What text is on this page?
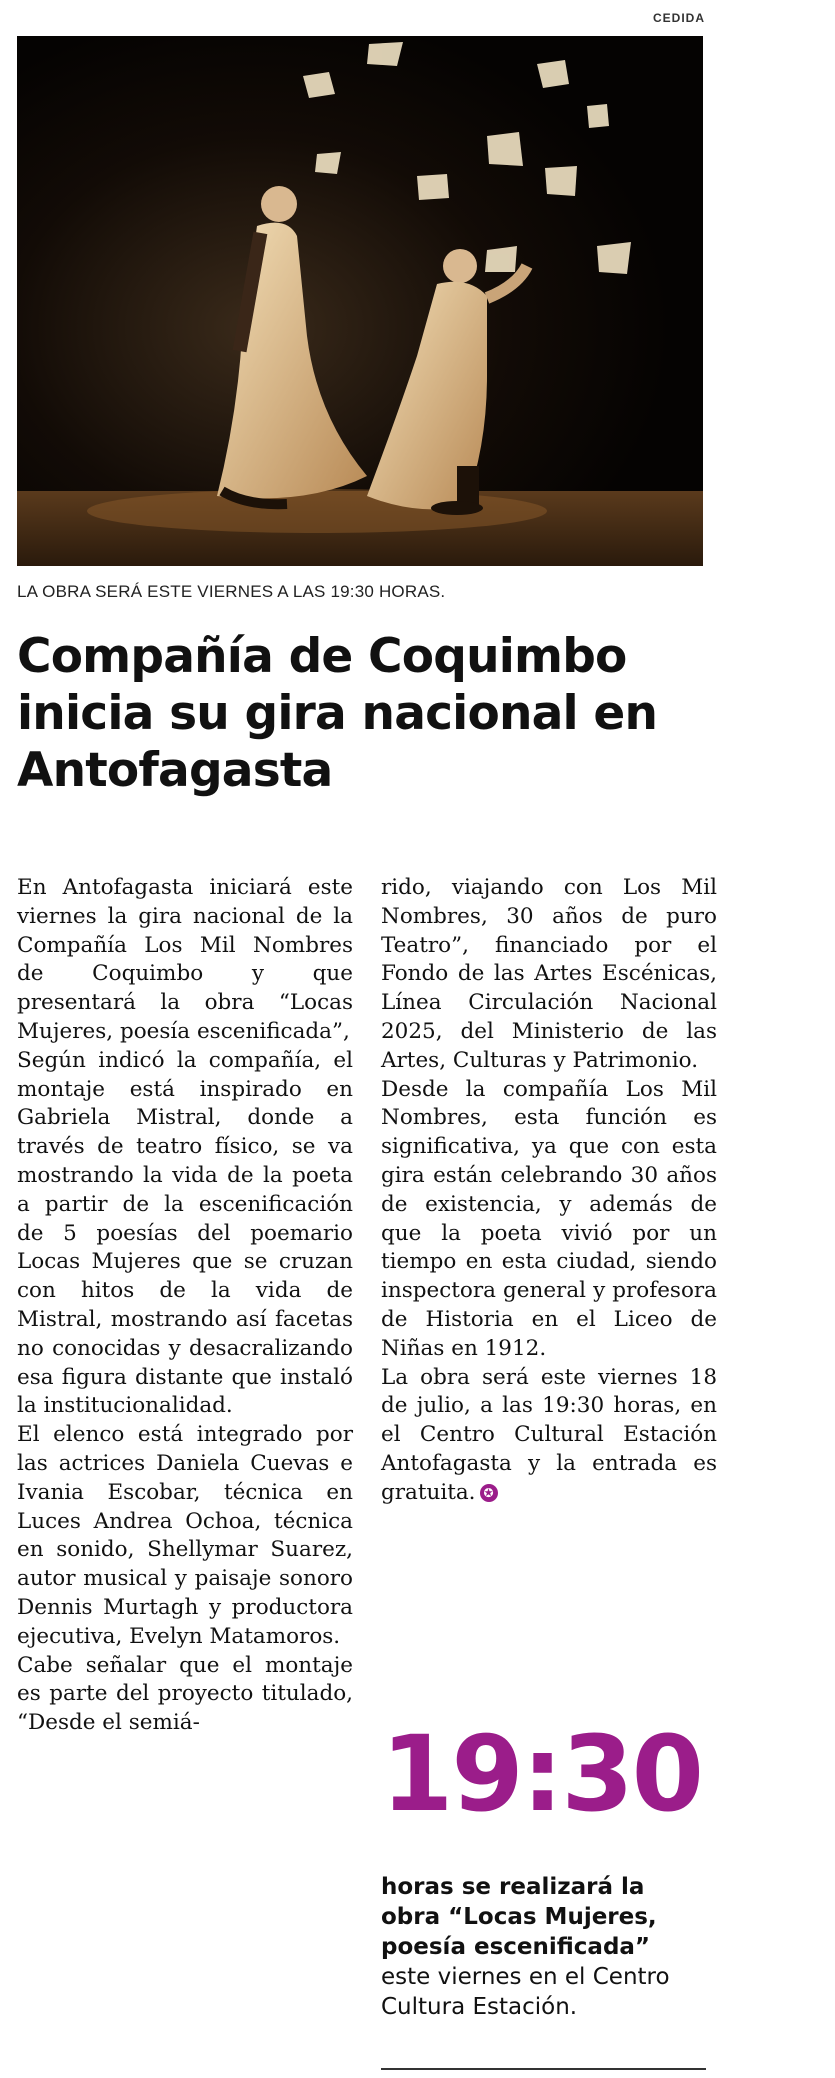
CEDIDA
LA OBRA SERÁ ESTE VIERNES A LAS 19:30 HORAS.
Compañía de Coquimbo inicia su gira nacional en Antofagasta

En Antofagasta iniciará este viernes la gira nacional de la Compañía Los Mil Nombres de Coquimbo y que presentará la obra “Locas Mujeres, poesía escenificada”,

Según indicó la compañía, el montaje está inspirado en Gabriela Mistral, donde a través de teatro físico, se va mostrando la vida de la poeta a partir de la escenificación de 5 poesías del poemario Locas Mujeres que se cruzan con hitos de la vida de Mistral, mostrando así facetas no conocidas y desacralizando esa figura distante que instaló la institucionalidad.

El elenco está integrado por las actrices Daniela Cuevas e Ivania Escobar, técnica en Luces Andrea Ochoa, técnica en sonido, Shellymar Suarez, autor musical y paisaje sonoro Dennis Murtagh y productora ejecutiva, Evelyn Matamoros.

Cabe señalar que el montaje es parte del proyecto titulado, “Desde el semiá-

rido, viajando con Los Mil Nombres, 30 años de puro Teatro”, financiado por el Fondo de las Artes Escénicas, Línea Circulación Nacional 2025, del Ministerio de las Artes, Culturas y Patrimonio.

Desde la compañía Los Mil Nombres, esta función es significativa, ya que con esta gira están celebrando 30 años de existencia, y además de que la poeta vivió por un tiempo en esta ciudad, siendo inspectora general y profesora de Historia en el Liceo de Niñas en 1912.

La obra será este viernes 18 de julio, a las 19:30 horas, en el Centro Cultural Estación Antofagasta y la entrada es gratuita. ✪

19:30
horas se realizará la obra “Locas Mujeres, poesía escenificada”
este viernes en el Centro Cultura Estación.
